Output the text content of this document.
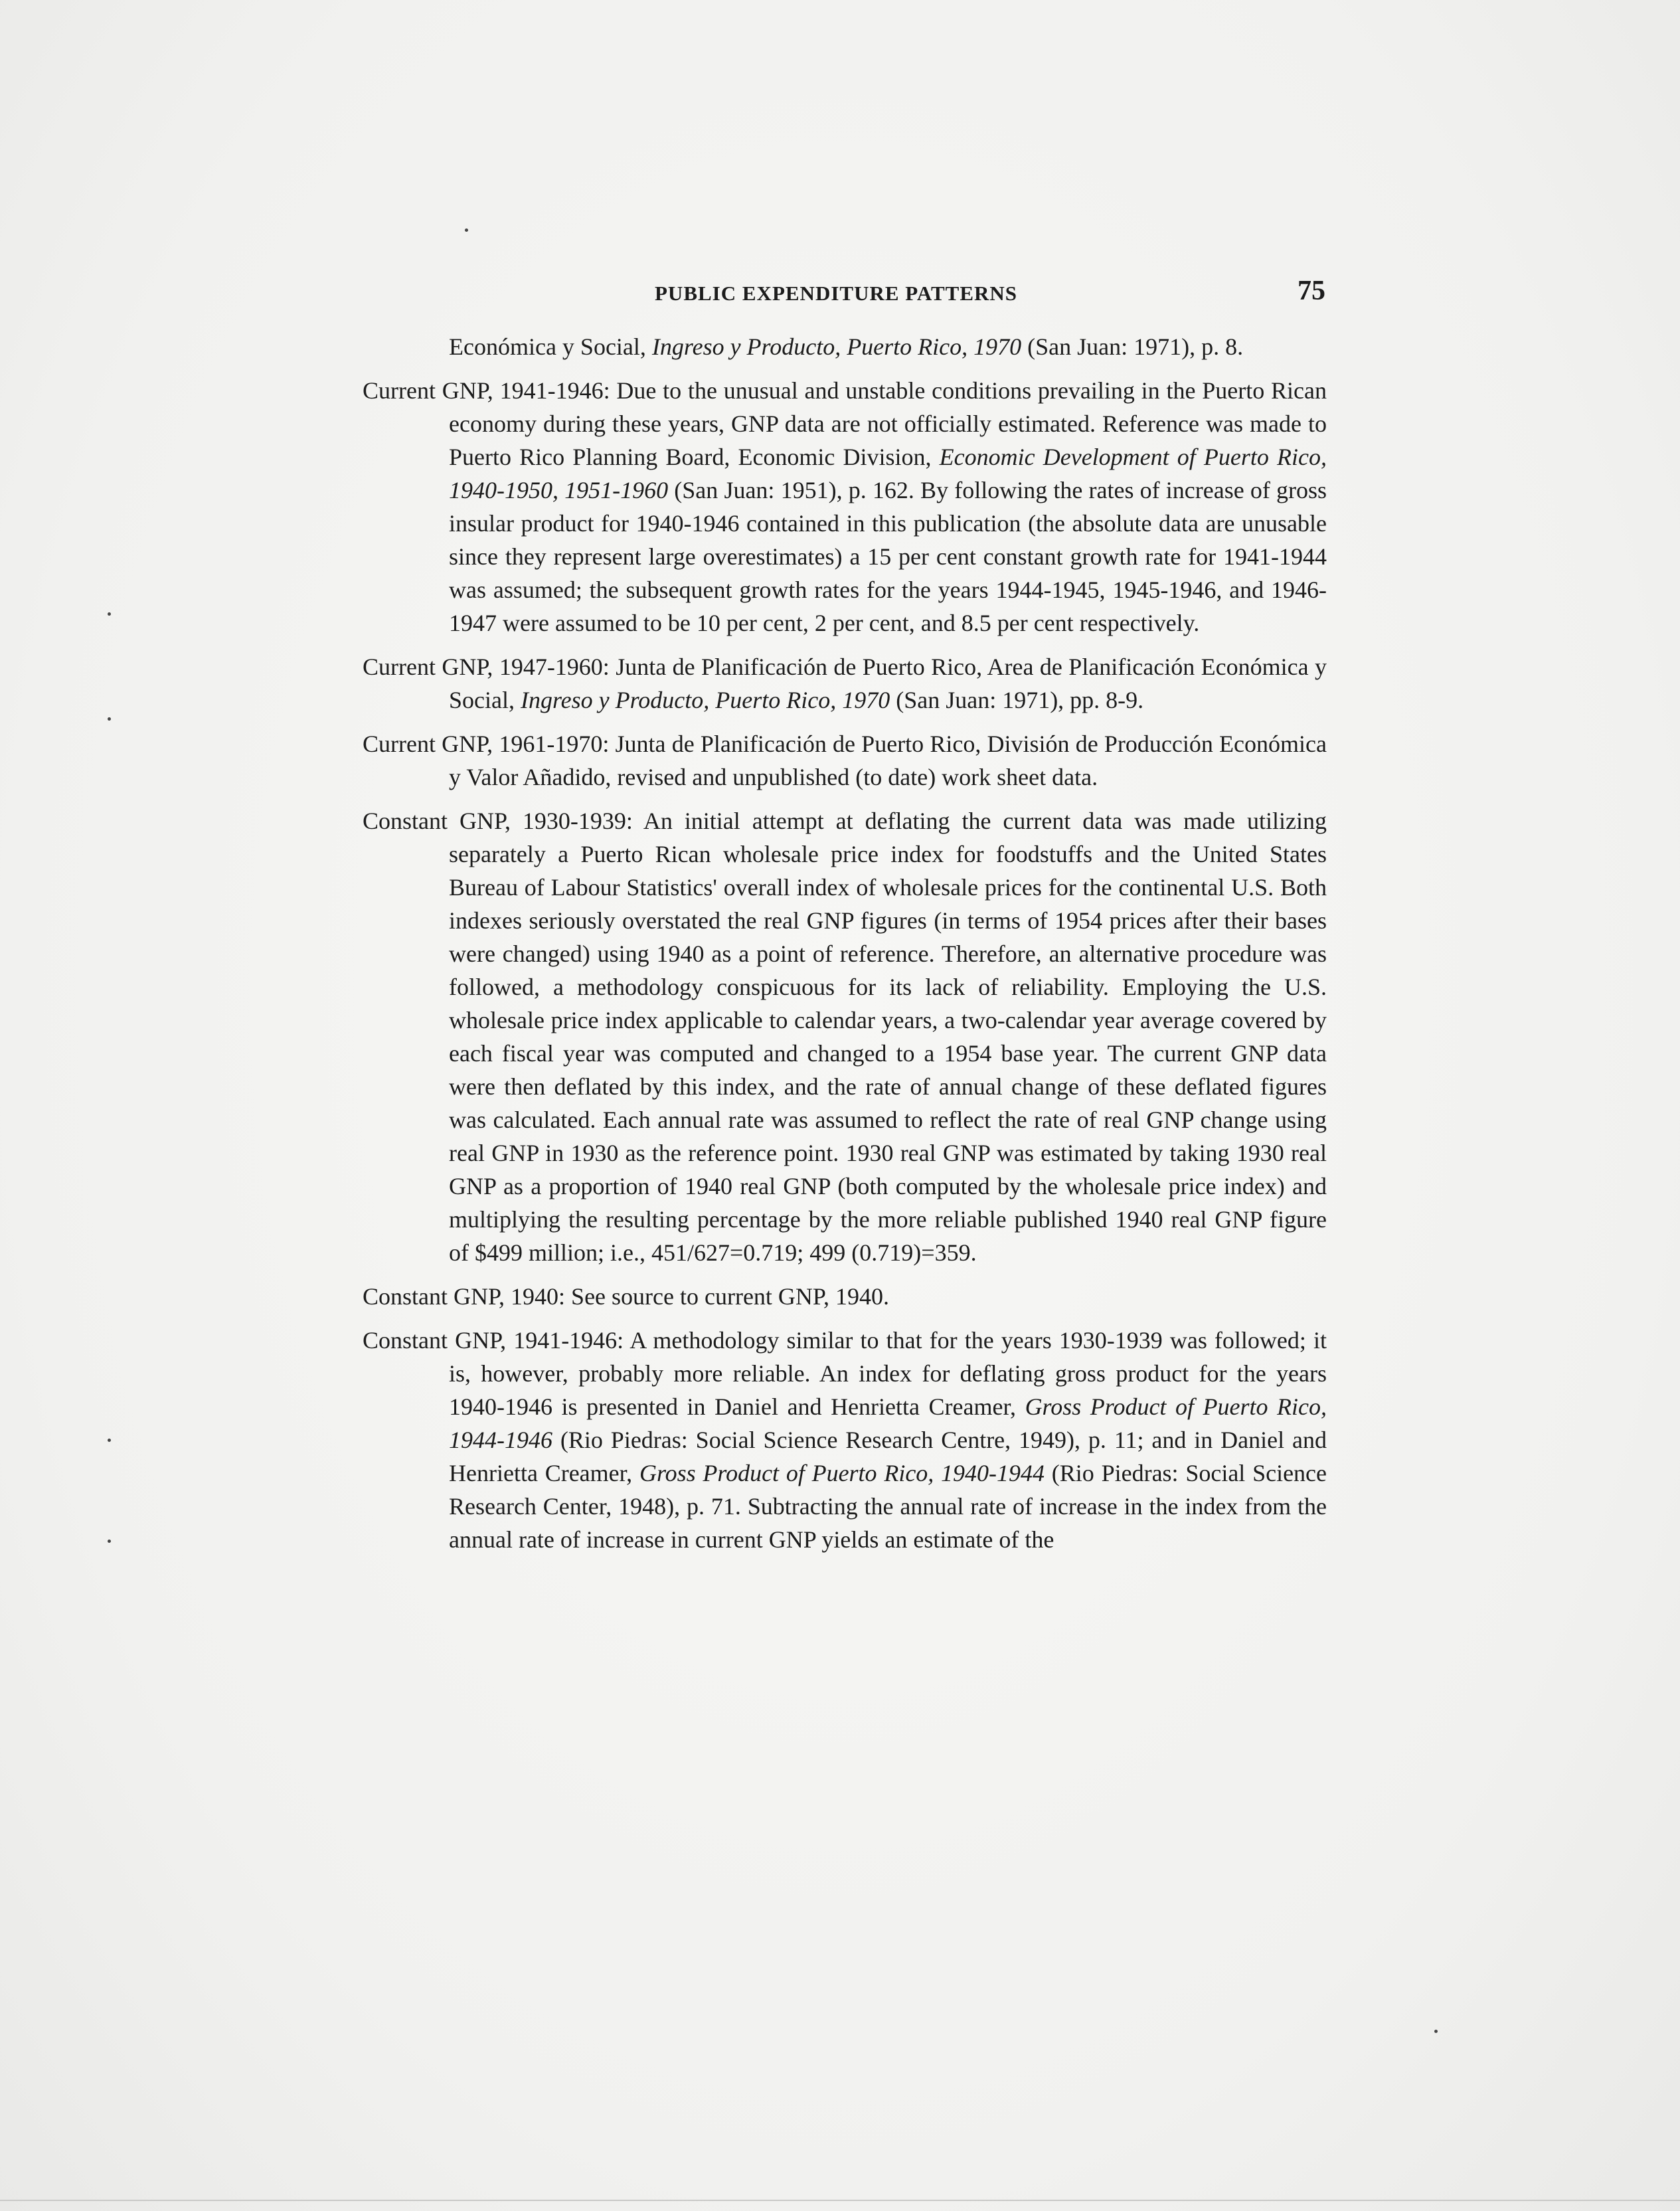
PUBLIC EXPENDITURE PATTERNS	75

Económica y Social, Ingreso y Producto, Puerto Rico, 1970 (San Juan: 1971), p. 8.

Current GNP, 1941-1946: Due to the unusual and unstable conditions prevailing in the Puerto Rican economy during these years, GNP data are not officially estimated. Reference was made to Puerto Rico Planning Board, Economic Division, Economic Development of Puerto Rico, 1940-1950, 1951-1960 (San Juan: 1951), p. 162. By following the rates of increase of gross insular product for 1940-1946 contained in this publication (the absolute data are unusable since they represent large overestimates) a 15 per cent constant growth rate for 1941-1944 was assumed; the subsequent growth rates for the years 1944-1945, 1945-1946, and 1946-1947 were assumed to be 10 per cent, 2 per cent, and 8.5 per cent respectively.

Current GNP, 1947-1960: Junta de Planificación de Puerto Rico, Area de Planificación Económica y Social, Ingreso y Producto, Puerto Rico, 1970 (San Juan: 1971), pp. 8-9.

Current GNP, 1961-1970: Junta de Planificación de Puerto Rico, División de Producción Económica y Valor Añadido, revised and unpublished (to date) work sheet data.

Constant GNP, 1930-1939: An initial attempt at deflating the current data was made utilizing separately a Puerto Rican wholesale price index for foodstuffs and the United States Bureau of Labour Statistics' overall index of wholesale prices for the continental U.S. Both indexes seriously overstated the real GNP figures (in terms of 1954 prices after their bases were changed) using 1940 as a point of reference. Therefore, an alternative procedure was followed, a methodology conspicuous for its lack of reliability. Employing the U.S. wholesale price index applicable to calendar years, a two-calendar year average covered by each fiscal year was computed and changed to a 1954 base year. The current GNP data were then deflated by this index, and the rate of annual change of these deflated figures was calculated. Each annual rate was assumed to reflect the rate of real GNP change using real GNP in 1930 as the reference point. 1930 real GNP was estimated by taking 1930 real GNP as a proportion of 1940 real GNP (both computed by the wholesale price index) and multiplying the resulting percentage by the more reliable published 1940 real GNP figure of $499 million; i.e., 451/627=0.719; 499 (0.719)=359.

Constant GNP, 1940: See source to current GNP, 1940.

Constant GNP, 1941-1946: A methodology similar to that for the years 1930-1939 was followed; it is, however, probably more reliable. An index for deflating gross product for the years 1940-1946 is presented in Daniel and Henrietta Creamer, Gross Product of Puerto Rico, 1944-1946 (Rio Piedras: Social Science Research Centre, 1949), p. 11; and in Daniel and Henrietta Creamer, Gross Product of Puerto Rico, 1940-1944 (Rio Piedras: Social Science Research Center, 1948), p. 71. Subtracting the annual rate of increase in the index from the annual rate of increase in current GNP yields an estimate of the
